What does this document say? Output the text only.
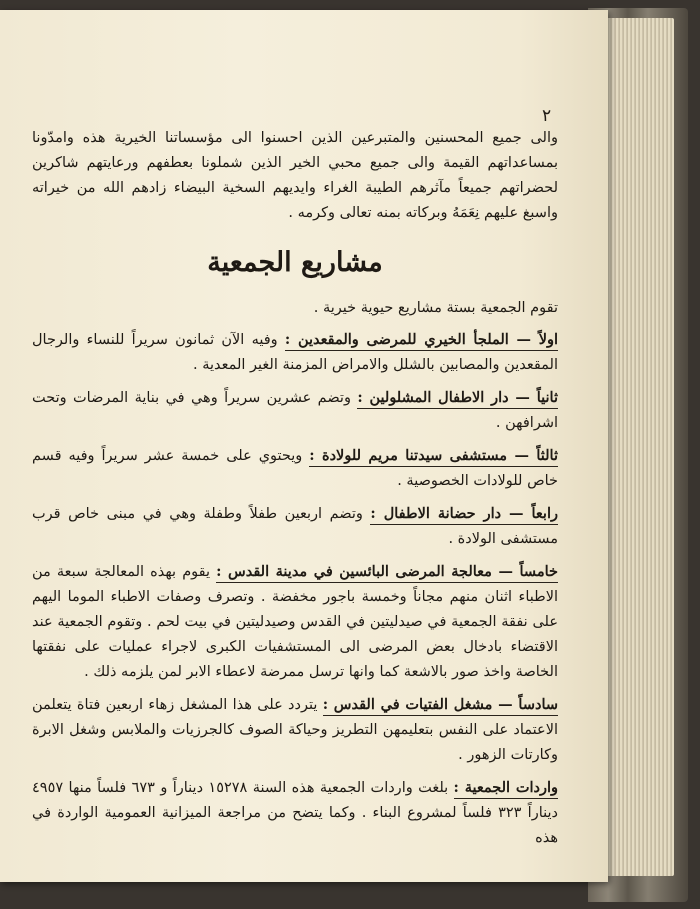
٢

والى جميع المحسنين والمتبرعين الذين احسنوا الى مؤسساتنا الخيرية هذه وامدّونا بمساعداتهم القيمة والى جميع محبي الخير الذين شملونا بعطفهم ورعايتهم شاكرين لحضراتهم جميعاً مآثرهم الطيبة الغراء وايديهم السخية البيضاء زادهم الله من خيراته واسبغ عليهم نِعَمَهُ وبركاته بمنه تعالى وكرمه .

مشاريع الجمعية

تقوم الجمعية بستة مشاريع حيوية خيرية .

اولاً — الملجأ الخيري للمرضى والمقعدين : وفيه الآن ثمانون سريراً للنساء والرجال المقعدين والمصابين بالشلل والامراض المزمنة الغير المعدية .

ثانياً — دار الاطفال المشلولين : وتضم عشرين سريراً وهي في بناية المرضات وتحت اشرافهن .

ثالثاً — مستشفى سيدتنا مريم للولادة : ويحتوي على خمسة عشر سريراً وفيه قسم خاص للولادات الخصوصية .

رابعاً — دار حضانة الاطفال : وتضم اربعين طفلاً وطفلة وهي في مبنى خاص قرب مستشفى الولادة .

خامساً — معالجة المرضى البائسين في مدينة القدس : يقوم بهذه المعالجة سبعة من الاطباء اثنان منهم مجاناً وخمسة باجور مخفضة . وتصرف وصفات الاطباء الموما اليهم على نفقة الجمعية في صيدليتين في القدس وصيدليتين في بيت لحم . وتقوم الجمعية عند الاقتضاء بادخال بعض المرضى الى المستشفيات الكبرى لاجراء عمليات على نفقتها الخاصة واخذ صور بالاشعة كما وانها ترسل ممرضة لاعطاء الابر لمن يلزمه ذلك .

سادساً — مشغل الفتيات في القدس : يتردد على هذا المشغل زهاء اربعين فتاة يتعلمن الاعتماد على النفس بتعليمهن التطريز وحياكة الصوف كالجرزيات والملابس وشغل الابرة وكارتات الزهور .

واردات الجمعية : بلغت واردات الجمعية هذه السنة ١٥٢٧٨ ديناراً و ٦٧٣ فلساً منها ٤٩٥٧ ديناراً ٣٢٣ فلساً لمشروع البناء . وكما يتضح من مراجعة الميزانية العمومية الواردة في هذه
